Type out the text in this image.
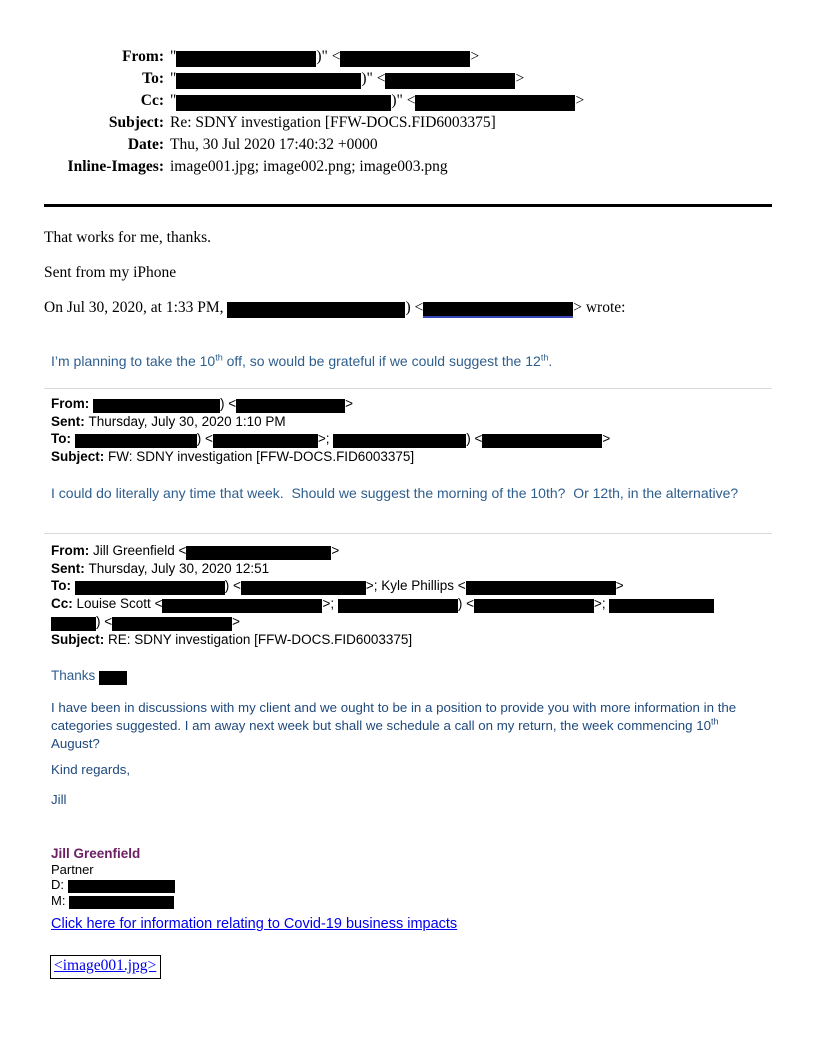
From: "	)" <	>
To: "	)" <	>
Cc: "	)" <	>
Subject: Re: SDNY investigation [FFW-DOCS.FID6003375]
Date: Thu, 30 Jul 2020 17:40:32 +0000
Inline-Images: image001.jpg; image002.png; image003.png
That works for me, thanks.
Sent from my iPhone
On Jul 30, 2020, at 1:33 PM,	) <	> wrote:
I’m planning to take the 10th off, so would be grateful if we could suggest the 12th.
From:	) <	>
Sent: Thursday, July 30, 2020 1:10 PM
To:	) <	>;	) <	>
Subject: FW: SDNY investigation [FFW-DOCS.FID6003375]
I could do literally any time that week.  Should we suggest the morning of the 10th?  Or 12th, in the alternative?
From: Jill Greenfield <	>
Sent: Thursday, July 30, 2020 12:51
To:	) <	>; Kyle Phillips <	>
Cc: Louise Scott <	>;	) <	>;
) <	>
Subject: RE: SDNY investigation [FFW-DOCS.FID6003375]
Thanks
I have been in discussions with my client and we ought to be in a position to provide you with more information in the categories suggested. I am away next week but shall we schedule a call on my return, the week commencing 10th August?
Kind regards,
Jill
Jill Greenfield
Partner
D:
M:
Click here for information relating to Covid-19 business impacts
<image001.jpg>
